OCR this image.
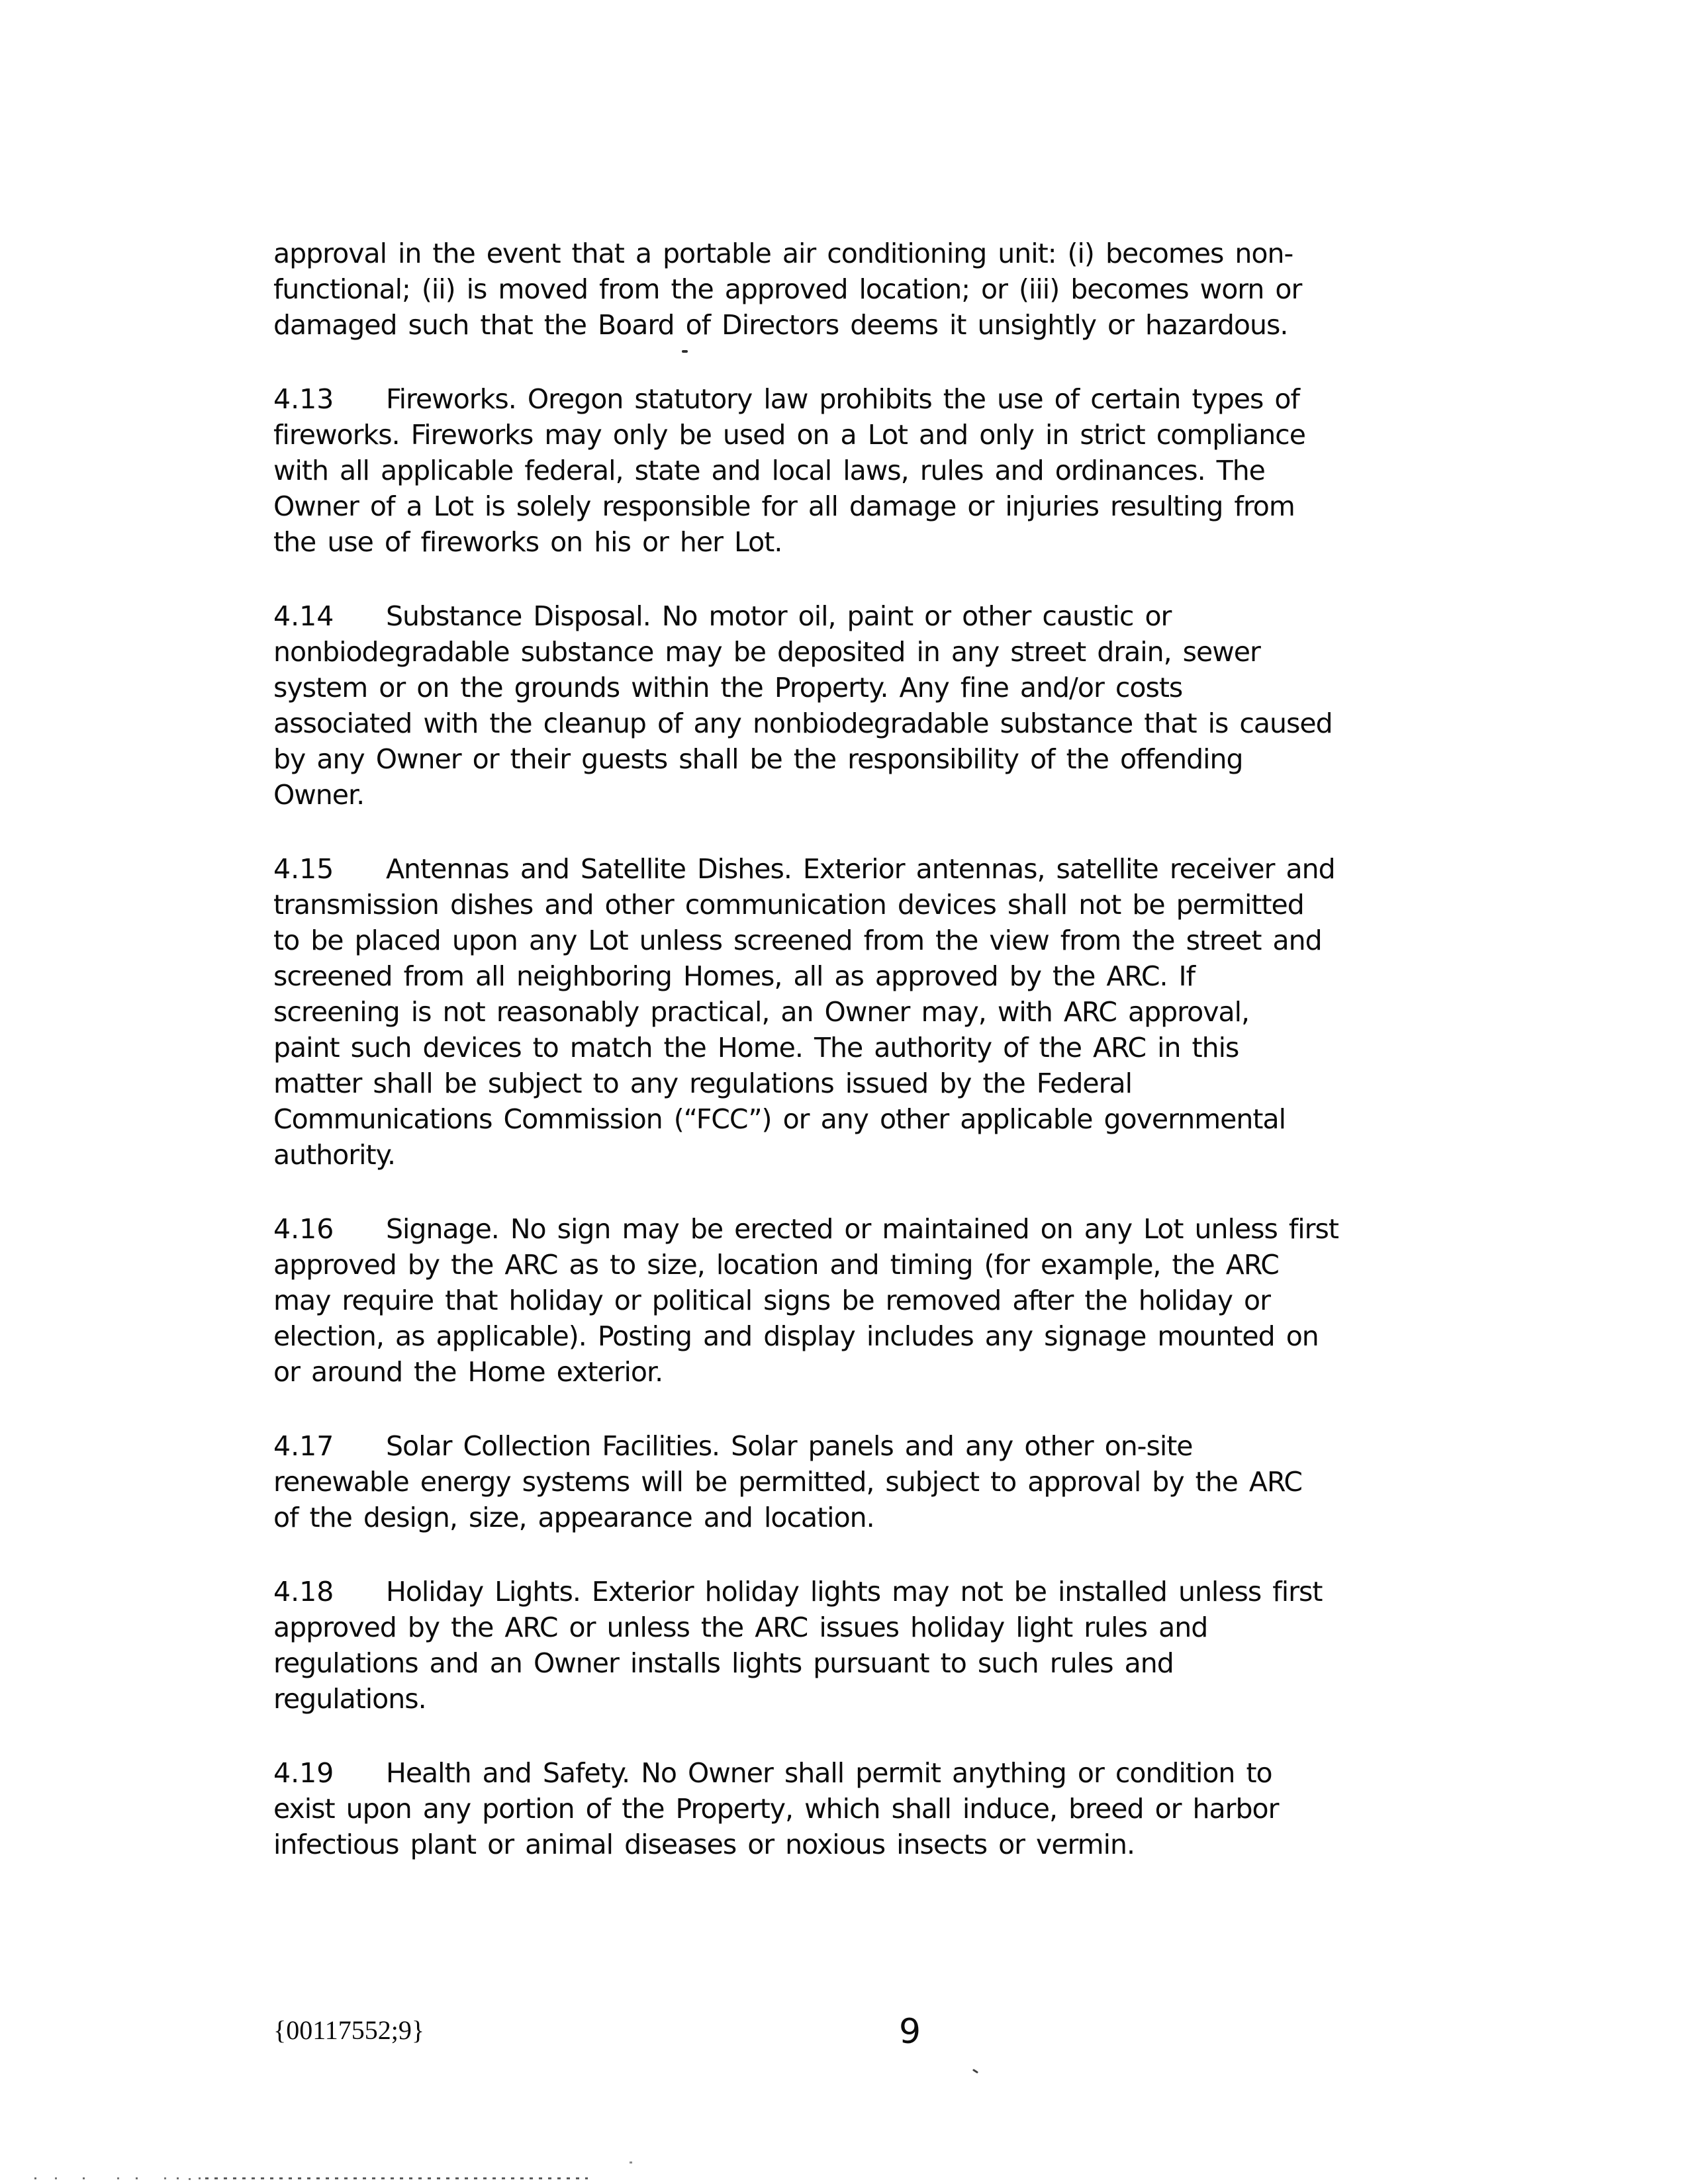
approval in the event that a portable air conditioning unit: (i) becomes non-
functional; (ii) is moved from the approved location; or (iii) becomes worn or
damaged such that the Board of Directors deems it unsightly or hazardous.
4.13 Fireworks. Oregon statutory law prohibits the use of certain types of
fireworks. Fireworks may only be used on a Lot and only in strict compliance
with all applicable federal, state and local laws, rules and ordinances. The
Owner of a Lot is solely responsible for all damage or injuries resulting from
the use of fireworks on his or her Lot.
4.14 Substance Disposal. No motor oil, paint or other caustic or
nonbiodegradable substance may be deposited in any street drain, sewer
system or on the grounds within the Property. Any fine and/or costs
associated with the cleanup of any nonbiodegradable substance that is caused
by any Owner or their guests shall be the responsibility of the offending
Owner.
4.15 Antennas and Satellite Dishes. Exterior antennas, satellite receiver and
transmission dishes and other communication devices shall not be permitted
to be placed upon any Lot unless screened from the view from the street and
screened from all neighboring Homes, all as approved by the ARC. If
screening is not reasonably practical, an Owner may, with ARC approval,
paint such devices to match the Home. The authority of the ARC in this
matter shall be subject to any regulations issued by the Federal
Communications Commission (“FCC”) or any other applicable governmental
authority.
4.16 Signage. No sign may be erected or maintained on any Lot unless first
approved by the ARC as to size, location and timing (for example, the ARC
may require that holiday or political signs be removed after the holiday or
election, as applicable). Posting and display includes any signage mounted on
or around the Home exterior.
4.17 Solar Collection Facilities. Solar panels and any other on-site
renewable energy systems will be permitted, subject to approval by the ARC
of the design, size, appearance and location.
4.18 Holiday Lights. Exterior holiday lights may not be installed unless first
approved by the ARC or unless the ARC issues holiday light rules and
regulations and an Owner installs lights pursuant to such rules and
regulations.
4.19 Health and Safety. No Owner shall permit anything or condition to
exist upon any portion of the Property, which shall induce, breed or harbor
infectious plant or animal diseases or noxious insects or vermin.
{00117552;9}	9
